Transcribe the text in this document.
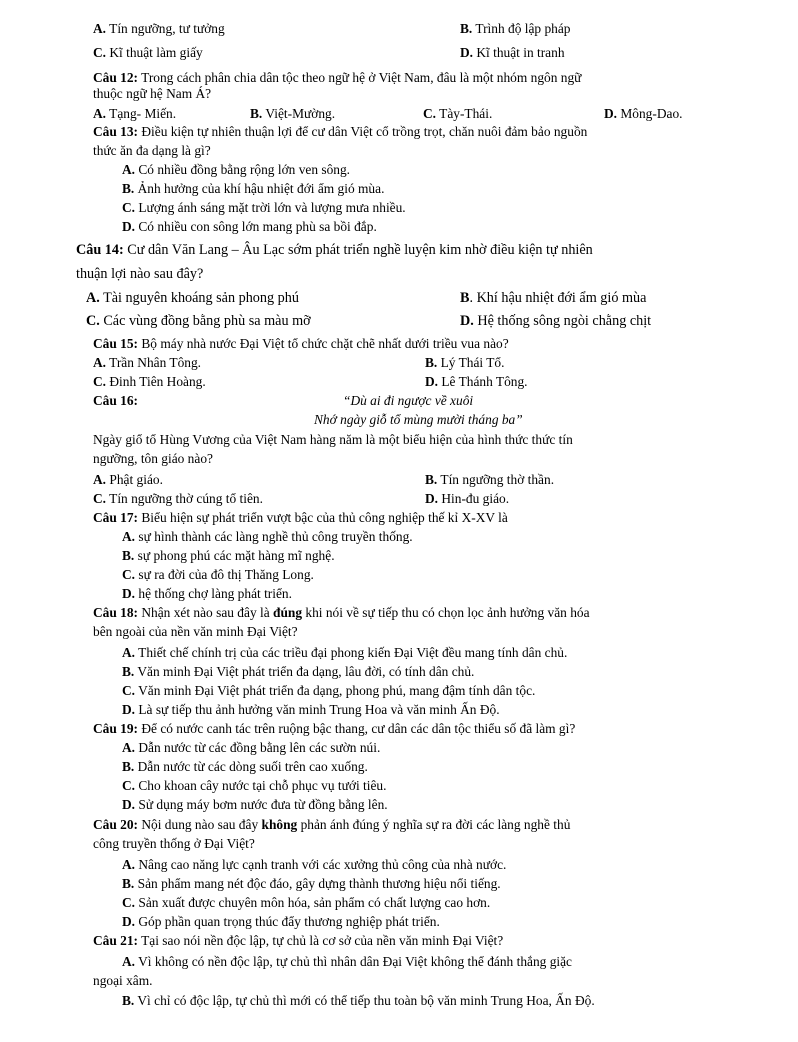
A. Tín ngưỡng, tư tưởng	B. Trình độ lập pháp
C. Kĩ thuật làm giấy	D. Kĩ thuật in tranh
Câu 12: Trong cách phân chia dân tộc theo ngữ hệ ở Việt Nam, đâu là một nhóm ngôn ngữ
thuộc ngữ hệ Nam Á?
A. Tạng- Miến.	B. Việt-Mường.	C. Tày-Thái.	D. Mông-Dao.
Câu 13: Điều kiện tự nhiên thuận lợi để cư dân Việt cổ trồng trọt, chăn nuôi đảm bảo nguồn
thức ăn đa dạng là gì?
A. Có nhiều đồng bằng rộng lớn ven sông.
B. Ảnh hưởng của khí hậu nhiệt đới ẩm gió mùa.
C. Lượng ánh sáng mặt trời lớn và lượng mưa nhiều.
D. Có nhiều con sông lớn mang phù sa bồi đắp.
Câu 14: Cư dân Văn Lang – Âu Lạc sớm phát triển nghề luyện kim nhờ điều kiện tự nhiên
thuận lợi nào sau đây?
A. Tài nguyên khoáng sản phong phú	B. Khí hậu nhiệt đới ẩm gió mùa
C. Các vùng đồng bằng phù sa màu mỡ	D. Hệ thống sông ngòi chằng chịt
Câu 15: Bộ máy nhà nước Đại Việt tổ chức chặt chẽ nhất dưới triều vua nào?
A. Trần Nhân Tông.	B. Lý Thái Tổ.
C. Đinh Tiên Hoàng.	D. Lê Thánh Tông.
Câu 16:	“Dù ai đi ngược về xuôi
Nhớ ngày giỗ tổ mùng mười tháng ba”
Ngày giổ tổ Hùng Vương của Việt Nam hàng năm là một biểu hiện của hình thức thức tín
ngưỡng, tôn giáo nào?
A. Phật giáo.	B. Tín ngưỡng thờ thần.
C. Tín ngưỡng thờ cúng tổ tiên.	D. Hin-đu giáo.
Câu 17: Biểu hiện sự phát triển vượt bậc của thủ công nghiệp thế kỉ X-XV là
A. sự hình thành các làng nghề thủ công truyền thống.
B. sự phong phú các mặt hàng mĩ nghệ.
C. sự ra đời của đô thị Thăng Long.
D. hệ thống chợ làng phát triển.
Câu 18: Nhận xét nào sau đây là đúng khi nói về sự tiếp thu có chọn lọc ảnh hưởng văn hóa
bên ngoài của nền văn minh Đại Việt?
A. Thiết chế chính trị của các triều đại phong kiến Đại Việt đều mang tính dân chủ.
B. Văn minh Đại Việt phát triển đa dạng, lâu đời, có tính dân chủ.
C. Văn minh Đại Việt phát triển đa dạng, phong phú, mang đậm tính dân tộc.
D. Là sự tiếp thu ảnh hưởng văn minh Trung Hoa và văn minh Ấn Độ.
Câu 19: Để có nước canh tác trên ruộng bậc thang, cư dân các dân tộc thiểu số đã làm gì?
A. Dẫn nước từ các đồng bằng lên các sườn núi.
B. Dẫn nước từ các dòng suối trên cao xuống.
C. Cho khoan cây nước tại chỗ phục vụ tưới tiêu.
D. Sử dụng máy bơm nước đưa từ đồng bằng lên.
Câu 20: Nội dung nào sau đây không phản ánh đúng ý nghĩa sự ra đời các làng nghề thủ
công truyền thống ở Đại Việt?
A. Nâng cao năng lực cạnh tranh với các xưởng thủ công của nhà nước.
B. Sản phẩm mang nét độc đáo, gây dựng thành thương hiệu nổi tiếng.
C. Sản xuất được chuyên môn hóa, sản phẩm có chất lượng cao hơn.
D. Góp phần quan trọng thúc đẩy thương nghiệp phát triển.
Câu 21: Tại sao nói nền độc lập, tự chủ là cơ sở của nền văn minh Đại Việt?
A. Vì không có nền độc lập, tự chủ thì nhân dân Đại Việt không thể đánh thắng giặc
ngoại xâm.
B. Vì chỉ có độc lập, tự chủ thì mới có thể tiếp thu toàn bộ văn minh Trung Hoa, Ấn Độ.
